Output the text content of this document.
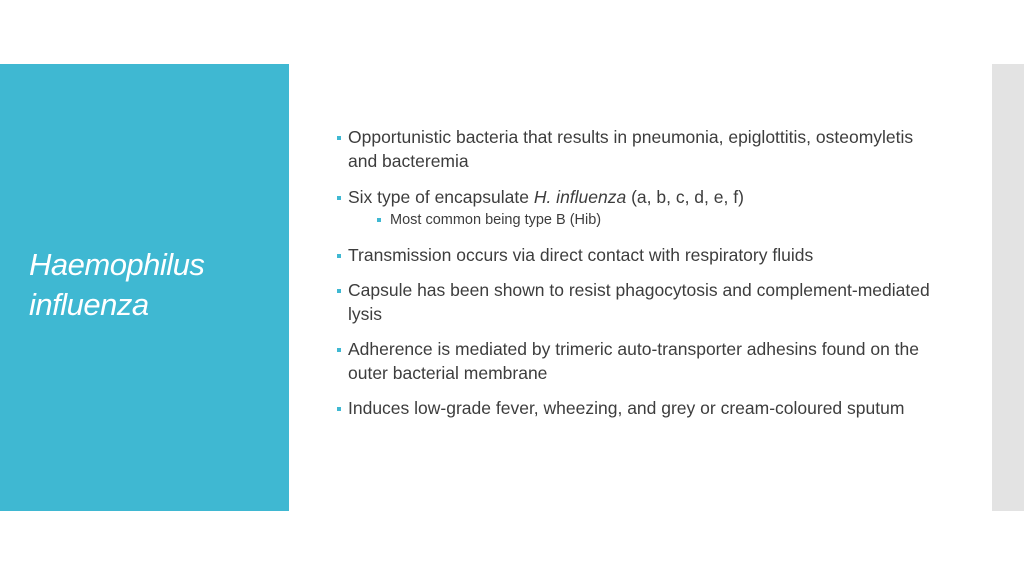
Haemophilus
influenza
Opportunistic bacteria that results in pneumonia, epiglottitis, osteomyletis and bacteremia
Six type of encapsulate H. influenza (a, b, c, d, e, f)
Most common being type B (Hib)
Transmission occurs via direct contact with respiratory fluids
Capsule has been shown to resist phagocytosis and complement-mediated lysis
Adherence is mediated by trimeric auto-transporter adhesins found on the outer bacterial membrane
Induces low-grade fever, wheezing, and grey or cream-coloured sputum
